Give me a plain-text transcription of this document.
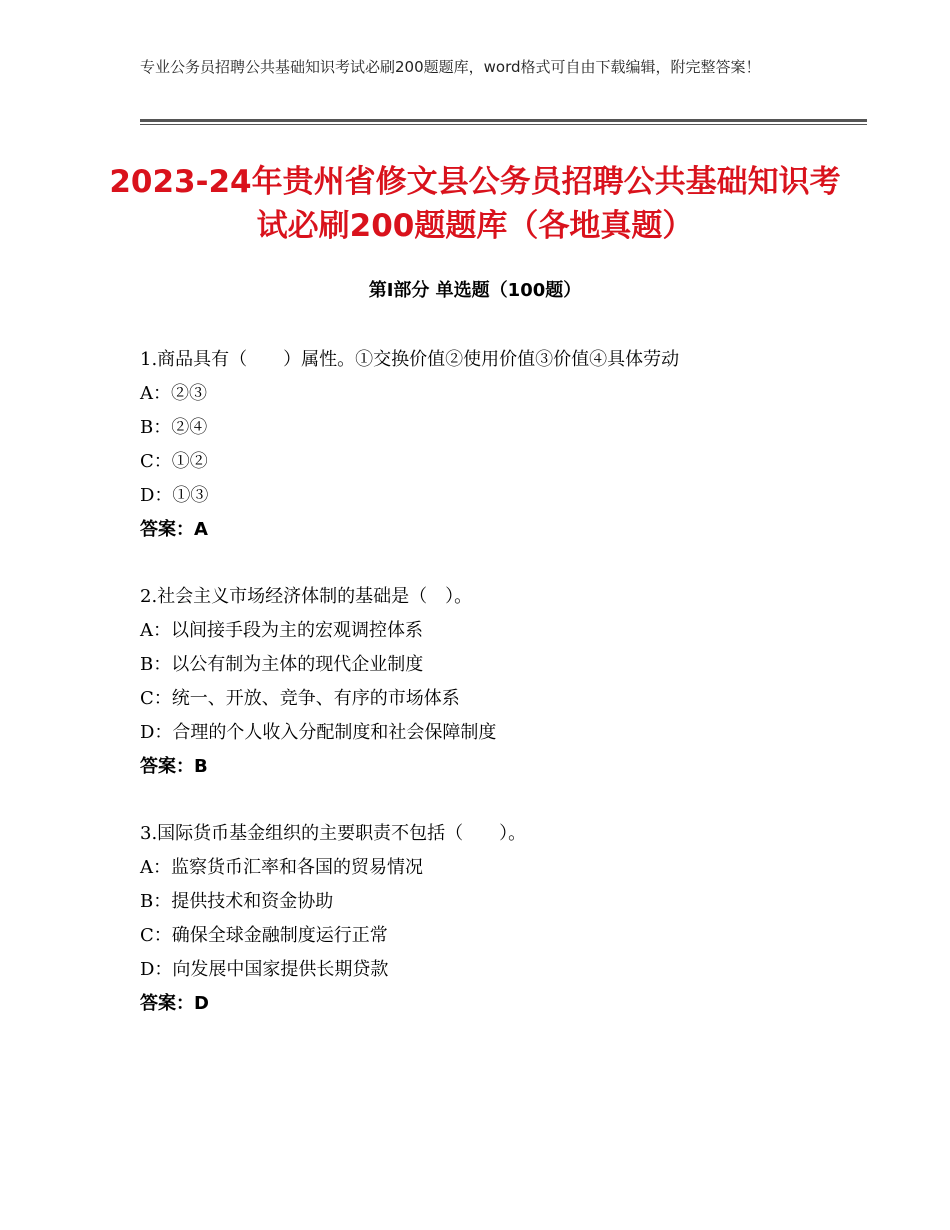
专业公务员招聘公共基础知识考试必刷200题题库，word格式可自由下载编辑，附完整答案！
2023-24年贵州省修文县公务员招聘公共基础知识考试必刷200题题库（各地真题）
第Ⅰ部分 单选题（100题）
1.商品具有（　　）属性。①交换价值②使用价值③价值④具体劳动
A：②③
B：②④
C：①②
D：①③
答案：A
2.社会主义市场经济体制的基础是（　）。
A：以间接手段为主的宏观调控体系
B：以公有制为主体的现代企业制度
C：统一、开放、竞争、有序的市场体系
D：合理的个人收入分配制度和社会保障制度
答案：B
3.国际货币基金组织的主要职责不包括（　　）。
A：监察货币汇率和各国的贸易情况
B：提供技术和资金协助
C：确保全球金融制度运行正常
D：向发展中国家提供长期贷款
答案：D
